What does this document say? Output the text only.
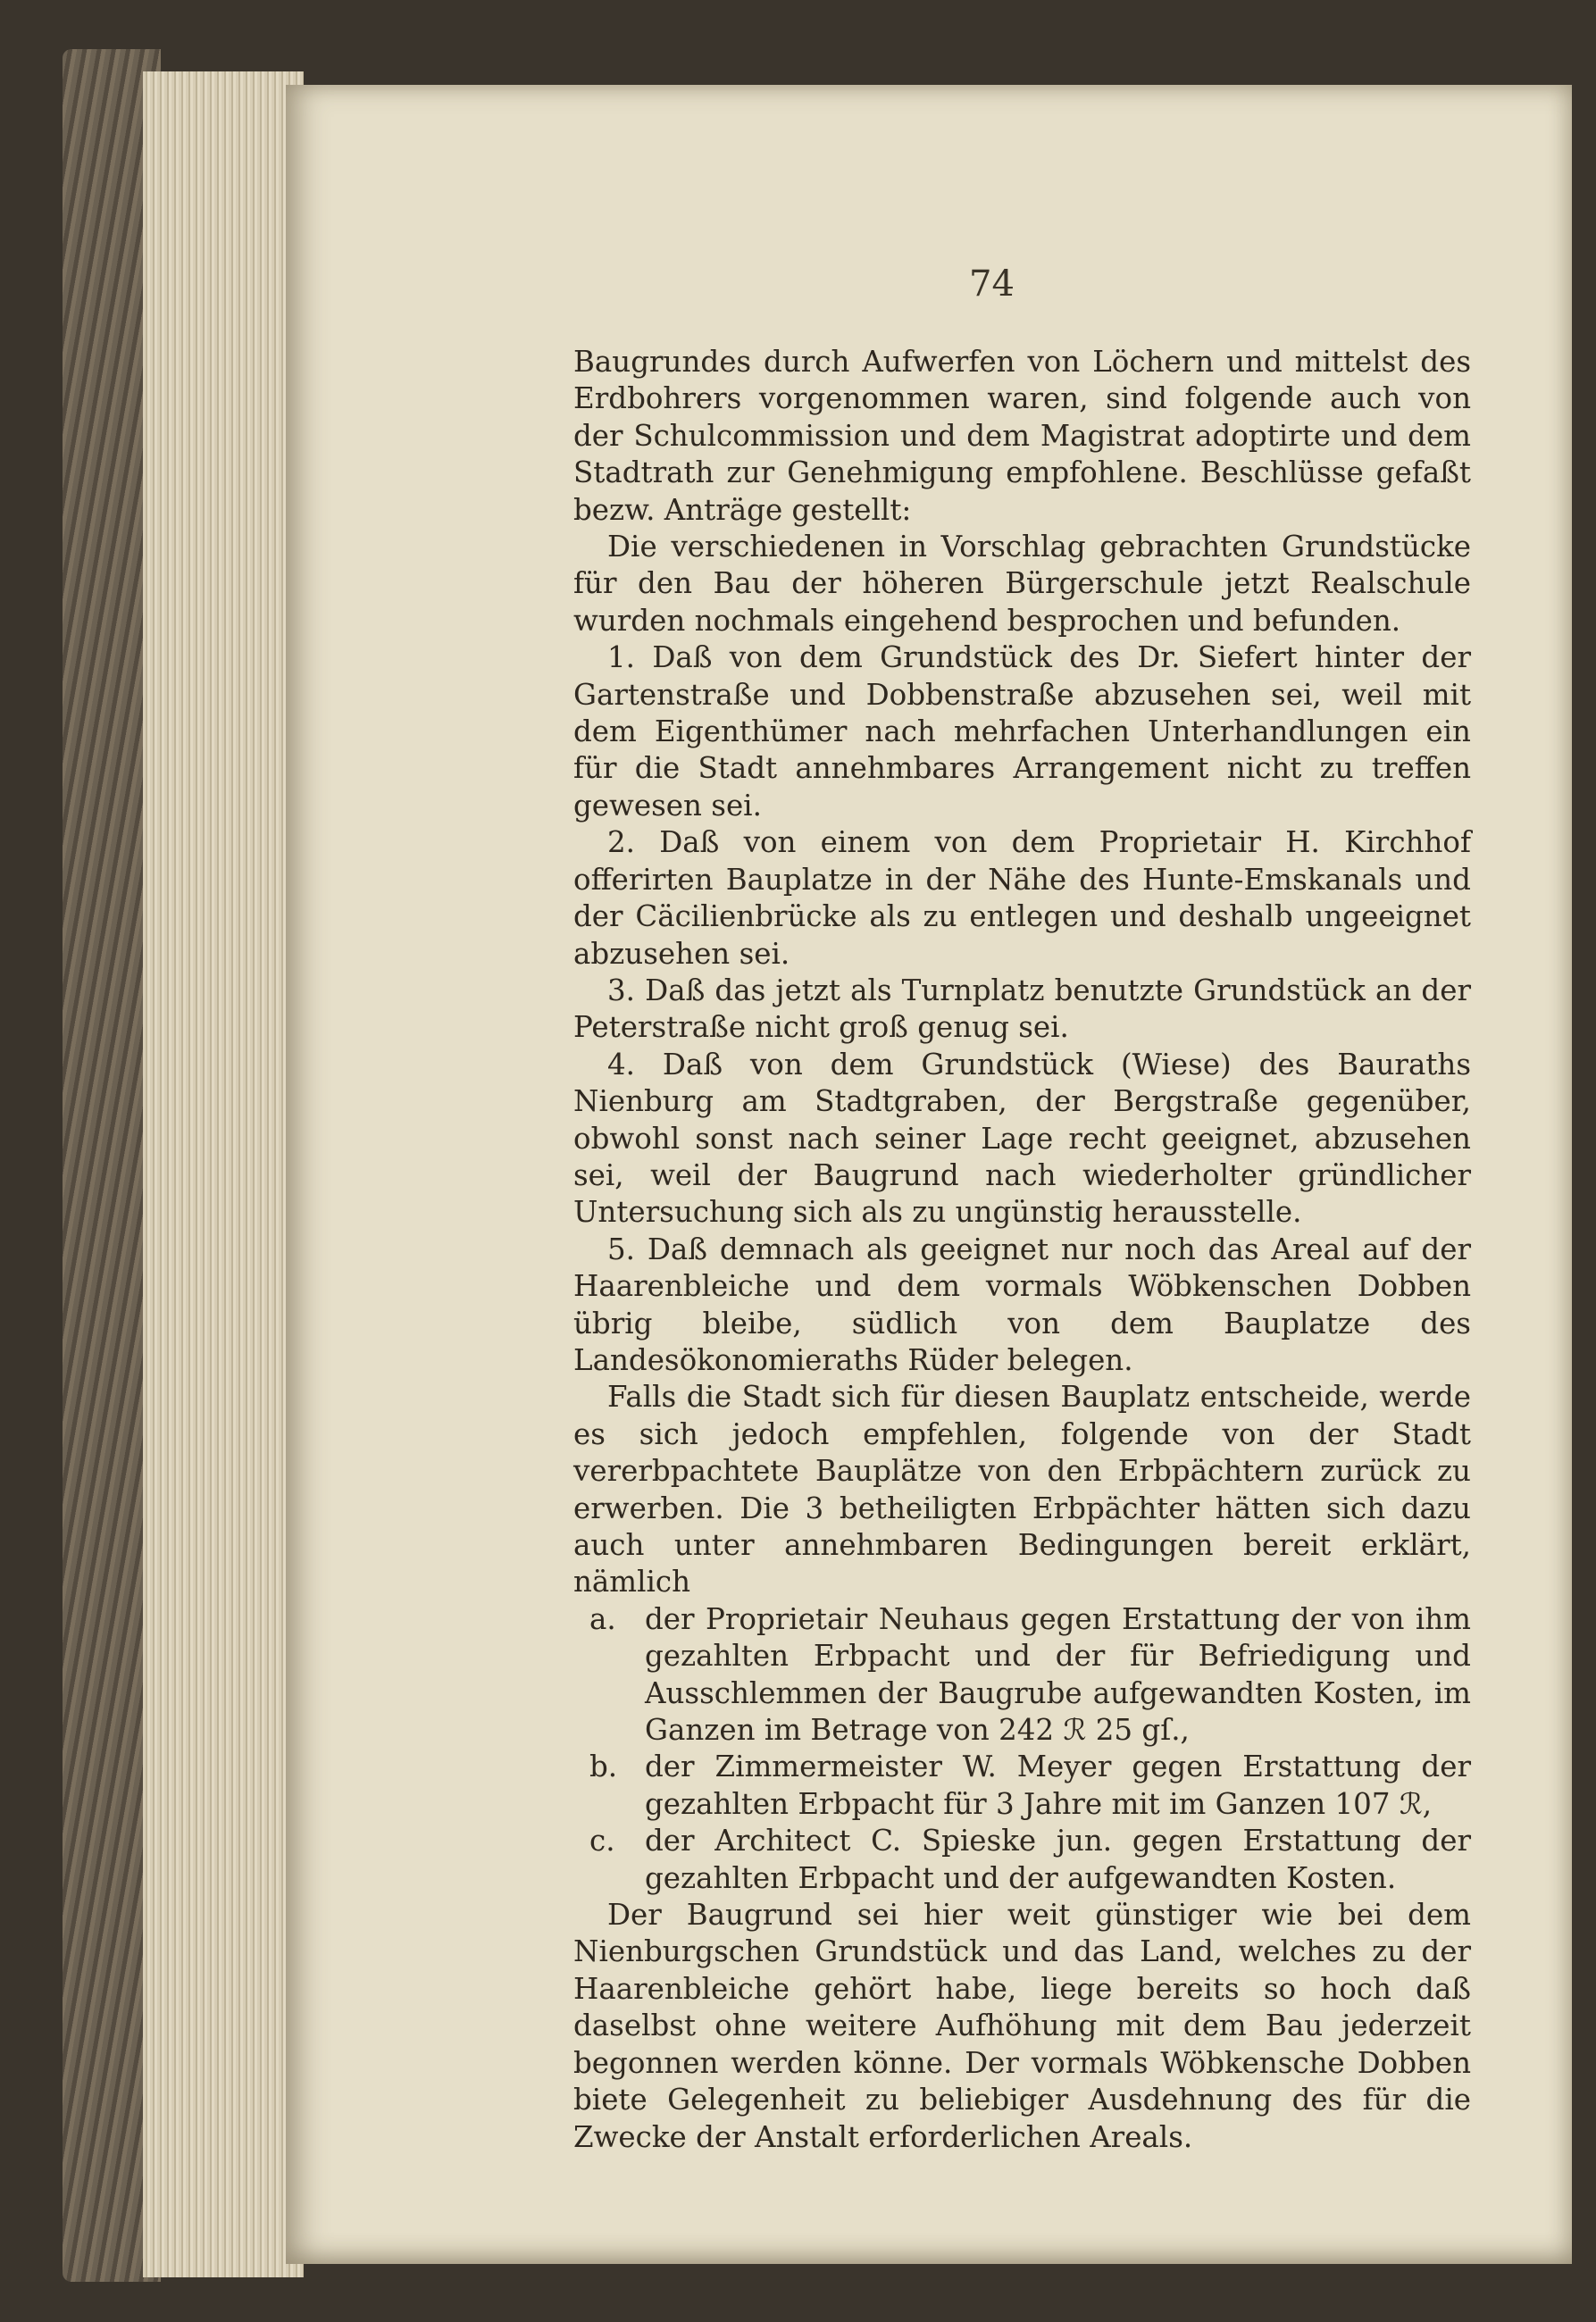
74

Baugrundes durch Aufwerfen von Löchern und mittelst des Erdbohrers vorgenommen waren, sind folgende auch von der Schulcommission und dem Magistrat adoptirte und dem Stadtrath zur Genehmigung empfohlene. Beschlüsse gefaßt bezw. Anträge gestellt:

Die verschiedenen in Vorschlag gebrachten Grundstücke für den Bau der höheren Bürgerschule jetzt Realschule wurden nochmals eingehend besprochen und befunden.

1. Daß von dem Grundstück des Dr. Siefert hinter der Gartenstraße und Dobbenstraße abzusehen sei, weil mit dem Eigenthümer nach mehrfachen Unterhandlungen ein für die Stadt annehmbares Arrangement nicht zu treffen gewesen sei.

2. Daß von einem von dem Proprietair H. Kirchhof offerirten Bauplatze in der Nähe des Hunte-Emskanals und der Cäcilienbrücke als zu entlegen und deshalb ungeeignet abzusehen sei.

3. Daß das jetzt als Turnplatz benutzte Grundstück an der Peterstraße nicht groß genug sei.

4. Daß von dem Grundstück (Wiese) des Bauraths Nienburg am Stadtgraben, der Bergstraße gegenüber, obwohl sonst nach seiner Lage recht geeignet, abzusehen sei, weil der Baugrund nach wiederholter gründlicher Untersuchung sich als zu ungünstig herausstelle.

5. Daß demnach als geeignet nur noch das Areal auf der Haarenbleiche und dem vormals Wöbkenschen Dobben übrig bleibe, südlich von dem Bauplatze des Landesökonomieraths Rüder belegen.

Falls die Stadt sich für diesen Bauplatz entscheide, werde es sich jedoch empfehlen, folgende von der Stadt vererbpachtete Bauplätze von den Erbpächtern zurück zu erwerben. Die 3 betheiligten Erbpächter hätten sich dazu auch unter annehmbaren Bedingungen bereit erklärt, nämlich

a. der Proprietair Neuhaus gegen Erstattung der von ihm gezahlten Erbpacht und der für Befriedigung und Ausschlemmen der Baugrube aufgewandten Kosten, im Ganzen im Betrage von 242 ℛ 25 gſ.,
b. der Zimmermeister W. Meyer gegen Erstattung der gezahlten Erbpacht für 3 Jahre mit im Ganzen 107 ℛ,
c.	der Architect C. Spieske jun. gegen Erstattung der gezahlten Erbpacht und der aufgewandten Kosten.

Der Baugrund sei hier weit günstiger wie bei dem Nienburgschen Grundstück und das Land, welches zu der Haarenbleiche gehört habe, liege bereits so hoch daß daselbst ohne weitere Aufhöhung mit dem Bau jederzeit begonnen werden könne. Der vormals Wöbkensche Dobben biete Gelegenheit zu beliebiger Ausdehnung des für die Zwecke der Anstalt erforderlichen Areals.
